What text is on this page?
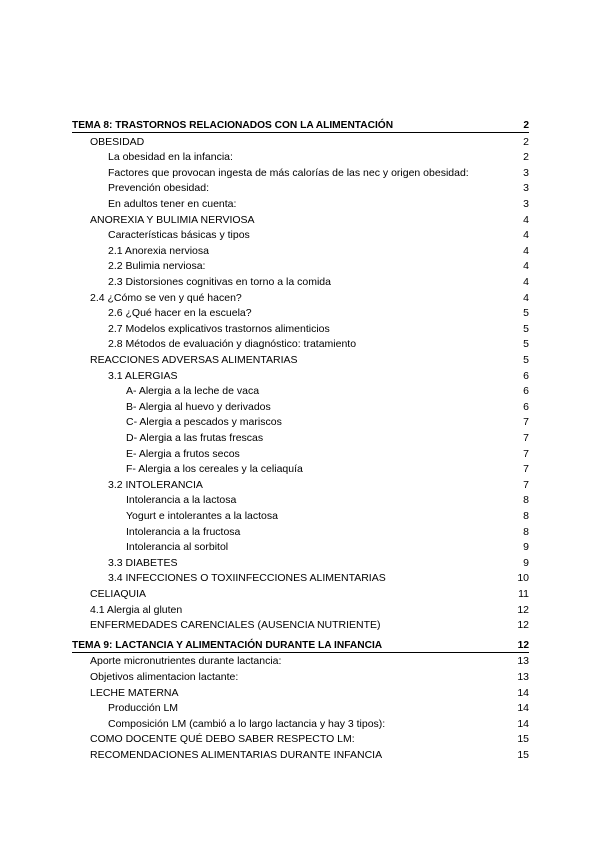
TEMA 8: TRASTORNOS RELACIONADOS CON LA ALIMENTACIÓN	2
OBESIDAD	2
La obesidad en la infancia:	2
Factores que provocan ingesta de más calorías de las nec y origen obesidad:	3
Prevención obesidad:	3
En adultos tener en cuenta:	3
ANOREXIA Y BULIMIA NERVIOSA	4
Características básicas y tipos	4
2.1 Anorexia nerviosa	4
2.2 Bulimia nerviosa:	4
2.3 Distorsiones cognitivas en torno a la comida	4
2.4 ¿Cómo se ven y qué hacen?	4
2.6 ¿Qué hacer en la escuela?	5
2.7 Modelos explicativos trastornos alimenticios	5
2.8 Métodos de evaluación y diagnóstico: tratamiento	5
REACCIONES ADVERSAS ALIMENTARIAS	5
3.1 ALERGIAS	6
A- Alergia a la leche de vaca	6
B- Alergia al huevo y derivados	6
C- Alergia a pescados y mariscos	7
D- Alergia a las frutas frescas	7
E- Alergia a frutos secos	7
F- Alergia a los cereales y la celiaquía	7
3.2 INTOLERANCIA	7
Intolerancia a la lactosa	8
Yogurt e intolerantes a la lactosa	8
Intolerancia a la fructosa	8
Intolerancia al sorbitol	9
3.3 DIABETES	9
3.4 INFECCIONES O TOXIINFECCIONES ALIMENTARIAS	10
CELIAQUIA	11
4.1 Alergia al gluten	12
ENFERMEDADES CARENCIALES (AUSENCIA NUTRIENTE)	12
TEMA 9: LACTANCIA Y ALIMENTACIÓN DURANTE LA INFANCIA	12
Aporte micronutrientes durante lactancia:	13
Objetivos alimentacion lactante:	13
LECHE MATERNA	14
Producción LM	14
Composición LM (cambió a lo largo lactancia y hay 3 tipos):	14
COMO DOCENTE QUÉ DEBO SABER RESPECTO LM:	15
RECOMENDACIONES ALIMENTARIAS DURANTE INFANCIA	15
